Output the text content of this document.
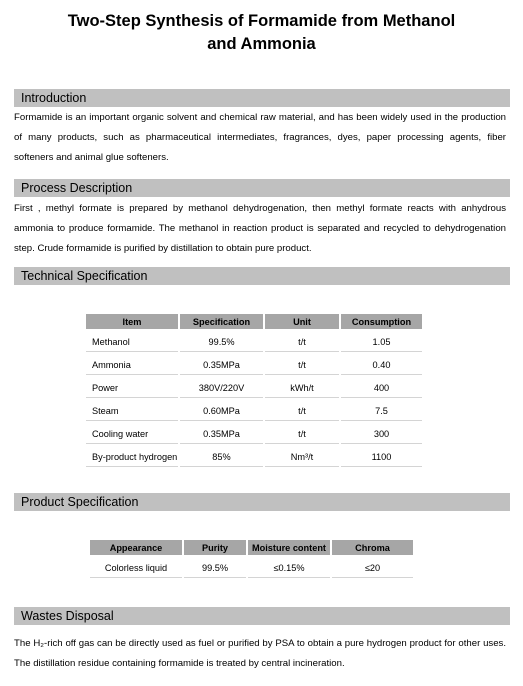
Two-Step Synthesis of Formamide from Methanol
and Ammonia
Introduction
Formamide is an important organic solvent and chemical raw material, and has been widely used in the production of many products, such as pharmaceutical intermediates, fragrances, dyes, paper processing agents, fiber softeners and animal glue softeners.
Process Description
First , methyl formate is prepared by methanol dehydrogenation, then methyl formate reacts with anhydrous ammonia to produce formamide. The methanol in reaction product is separated and recycled to dehydrogenation step. Crude formamide is purified by distillation to obtain pure product.
Technical Specification
Item	Specification	Unit	Consumption
Methanol	99.5%	t/t	1.05
Ammonia	0.35MPa	t/t	0.40
Power	380V/220V	kWh/t	400
Steam	0.60MPa	t/t	7.5
Cooling water	0.35MPa	t/t	300
By-product hydrogen	85%	Nm³/t	1100
Product Specification
Appearance	Purity	Moisture content	Chroma
Colorless liquid	99.5%	≤0.15%	≤20
Wastes Disposal
The H₂-rich off gas can be directly used as fuel or purified by PSA to obtain a pure hydrogen product for other uses. The distillation residue containing formamide is treated by central incineration.
